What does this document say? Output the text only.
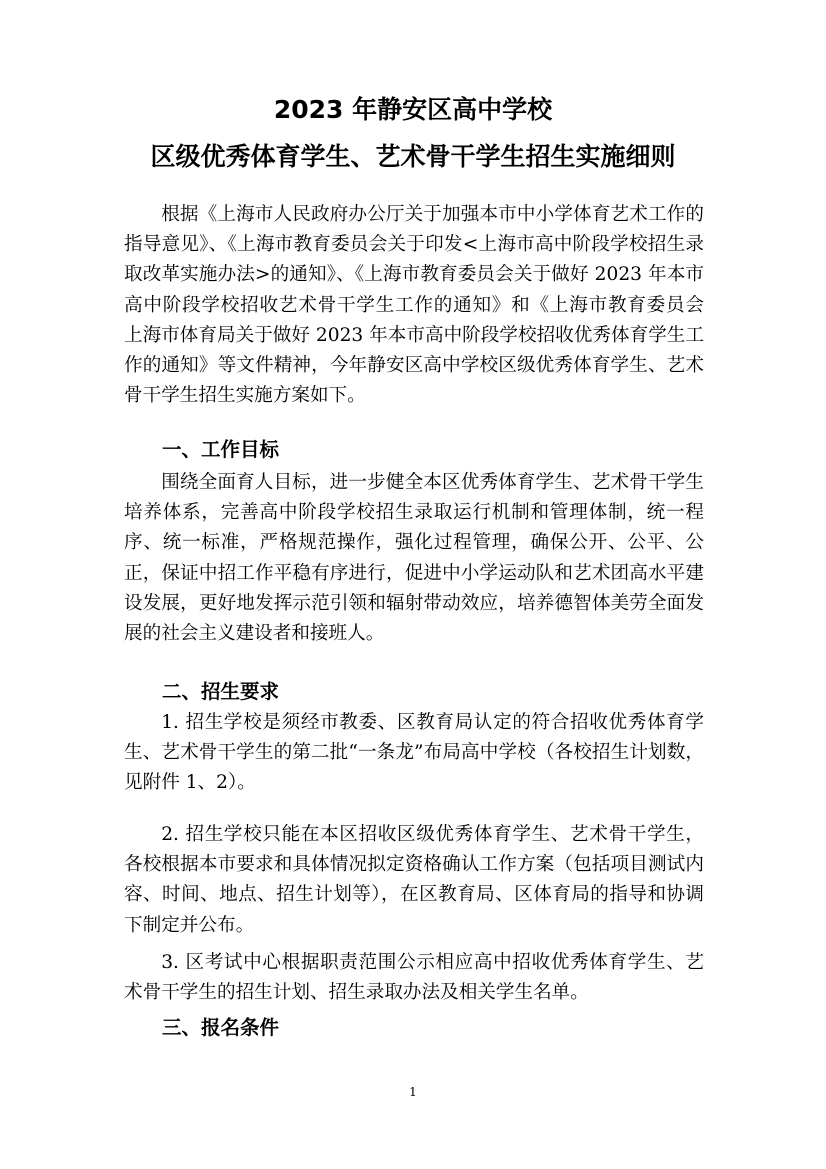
2023 年静安区高中学校
区级优秀体育学生、艺术骨干学生招生实施细则

根据《上海市人民政府办公厅关于加强本市中小学体育艺术工作的指导意见》、《上海市教育委员会关于印发<上海市高中阶段学校招生录取改革实施办法>的通知》、《上海市教育委员会关于做好 2023 年本市高中阶段学校招收艺术骨干学生工作的通知》和《上海市教育委员会 上海市体育局关于做好 2023 年本市高中阶段学校招收优秀体育学生工作的通知》等文件精神，今年静安区高中学校区级优秀体育学生、艺术骨干学生招生实施方案如下。

一、工作目标

围绕全面育人目标，进一步健全本区优秀体育学生、艺术骨干学生培养体系，完善高中阶段学校招生录取运行机制和管理体制，统一程序、统一标准，严格规范操作，强化过程管理，确保公开、公平、公正，保证中招工作平稳有序进行，促进中小学运动队和艺术团高水平建设发展，更好地发挥示范引领和辐射带动效应，培养德智体美劳全面发展的社会主义建设者和接班人。

二、招生要求

1. 招生学校是须经市教委、区教育局认定的符合招收优秀体育学生、艺术骨干学生的第二批“一条龙”布局高中学校（各校招生计划数，见附件 1、2）。

2. 招生学校只能在本区招收区级优秀体育学生、艺术骨干学生，各校根据本市要求和具体情况拟定资格确认工作方案（包括项目测试内容、时间、地点、招生计划等），在区教育局、区体育局的指导和协调下制定并公布。

3. 区考试中心根据职责范围公示相应高中招收优秀体育学生、艺术骨干学生的招生计划、招生录取办法及相关学生名单。

三、报名条件
1
